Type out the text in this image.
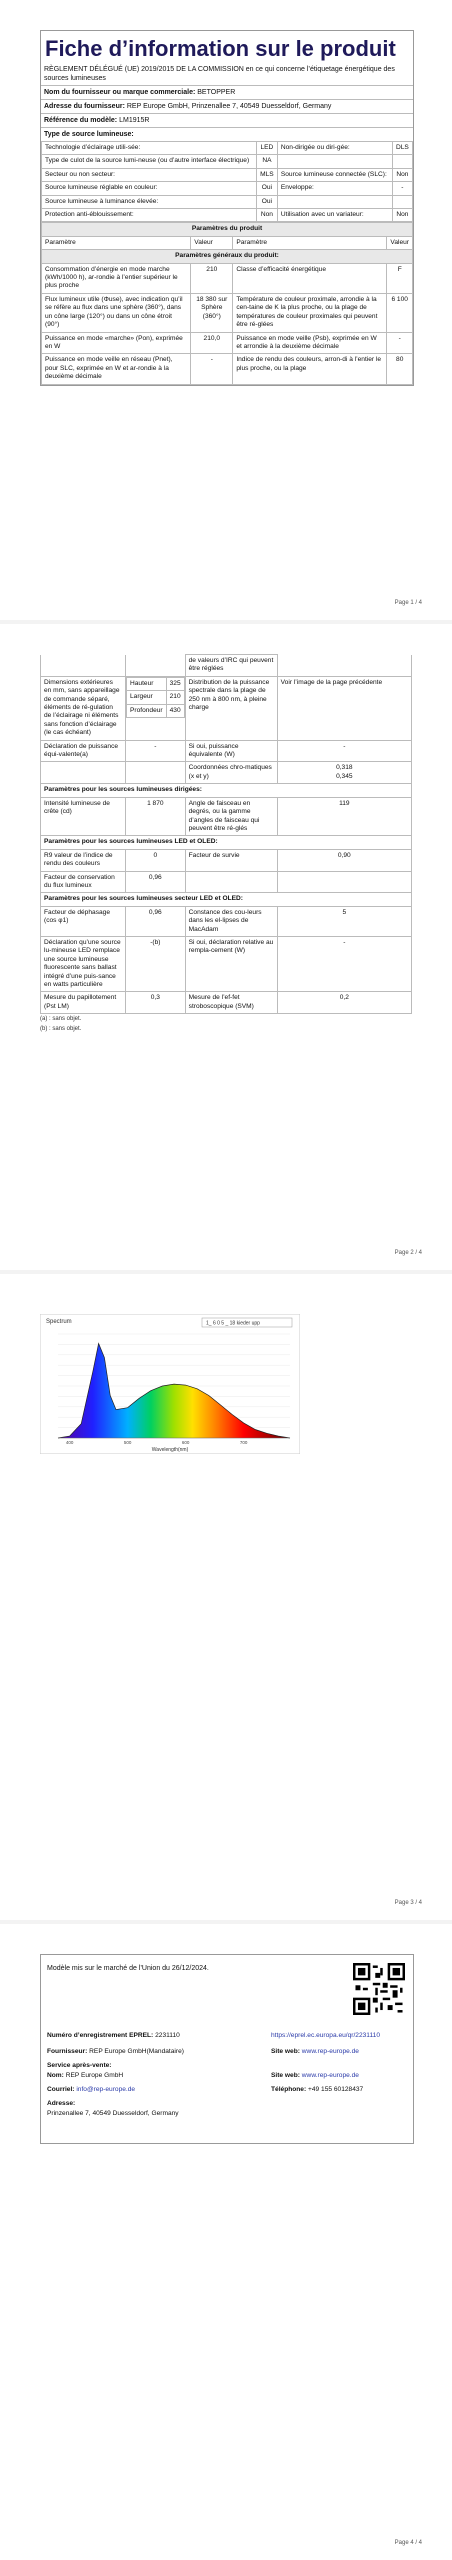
Fiche d’information sur le produit
RÈGLEMENT DÉLÉGUÉ (UE) 2019/2015 DE LA COMMISSION en ce qui concerne l’étiquetage énergétique des sources lumineuses
Nom du fournisseur ou marque commerciale: BETOPPER
Adresse du fournisseur: REP Europe GmbH, Prinzenallee 7, 40549 Duesseldorf, Germany
Référence du modèle: LM1915R
Type de source lumineuse:
Technologie d’éclairage utili-sée:	LED	Non-dirigée ou diri-gée:	DLS
Type de culot de la source lumi-neuse (ou d’autre interface électrique)	NA		
Secteur ou non secteur:	MLS	Source lumineuse connectée (SLC):	Non
Source lumineuse réglable en couleur:	Oui	Enveloppe:	-
Source lumineuse à luminance élevée:	Oui		
Protection anti-éblouissement:	Non	Utilisation avec un variateur:	Non
Paramètres du produit			
Paramètre	Valeur	Paramètre	Valeur
Paramètres généraux du produit:			
Consommation d’énergie en mode marche (kWh/1000 h), ar-rondie à l’entier supérieur le plus proche	210	Classe d’efficacité énergétique	F
Flux lumineux utile (Φuse), avec indication qu’il se réfère au flux dans une sphère (360°), dans un cône large (120°) ou dans un cône étroit (90°)	18 380 sur Sphère (360°)	Température de couleur proximale, arrondie à la cen-taine de K la plus proche, ou la plage de températures de couleur proximales qui peuvent être ré-glées	6 100
Puissance en mode «marche» (Pon), exprimée en W	210,0	Puissance en mode veille (Psb), exprimée en W et arrondie à la deuxième décimale	-
Puissance en mode veille en réseau (Pnet), pour SLC, exprimée en W et ar-rondie à la deuxième décimale	-	Indice de rendu des couleurs, arron-di à l’entier le plus proche, ou la plage	80
Page 1 / 4
		de valeurs d’IRC qui peuvent être réglées	
Dimensions extérieures en mm, sans appareillage de commande séparé, éléments de ré-gulation de l’éclairage ni éléments sans fonction d’éclairage (le cas échéant)	
Hauteur	325
Largeur	210
Profondeur	430
	Distribution de la puissance spectrale dans la plage de 250 nm à 800 nm, à pleine charge	Voir l’image de la page précédente
Déclaration de puissance équi-valente(a)	-	Si oui, puissance équivalente (W)	-
		Coordonnées chro-matiques (x et y)	0,318
0,345
Paramètres pour les sources lumineuses dirigées:
Intensité lumineuse de crête (cd)	1 870	Angle de faisceau en degrés, ou la gamme d’angles de faisceau qui peuvent être ré-glés	119
Paramètres pour les sources lumineuses LED et OLED:
R9 valeur de l’indice de rendu des couleurs	0	Facteur de survie	0,90
Facteur de conservation du flux lumineux	0,96		
Paramètres pour les sources lumineuses secteur LED et OLED:
Facteur de déphasage (cos φ1)	0,96	Constance des cou-leurs dans les el-lipses de MacAdam	5
Déclaration qu’une source lu-mineuse LED remplace une source lumineuse fluorescente sans ballast intégré d’une puis-sance en watts particulière	-(b)	Si oui, déclaration relative au rempla-cement (W)	-
Mesure du papillotement (Pst LM)	0,3	Mesure de l’ef-fet stroboscopique (SVM)	0,2
(a) : sans objet.
(b) : sans objet.
Page 2 / 4
Spectrum	1_ 6 0 5 _ 18 kieder upp
400	500	600	700
Wavelength(nm)
Page 3 / 4
Modèle mis sur le marché de l’Union du 26/12/2024.
Numéro d’enregistrement EPREL: 2231110
Fournisseur: REP Europe GmbH(Mandataire)
Service après-vente:
Nom: REP Europe GmbH
Courriel: info@rep-europe.de
Adresse:
Prinzenallee 7, 40549 Duesseldorf, Germany
https://eprel.ec.europa.eu/qr/2231110
Site web: www.rep-europe.de
Site web: www.rep-europe.de
Téléphone: +49 155 60128437
Page 4 / 4
